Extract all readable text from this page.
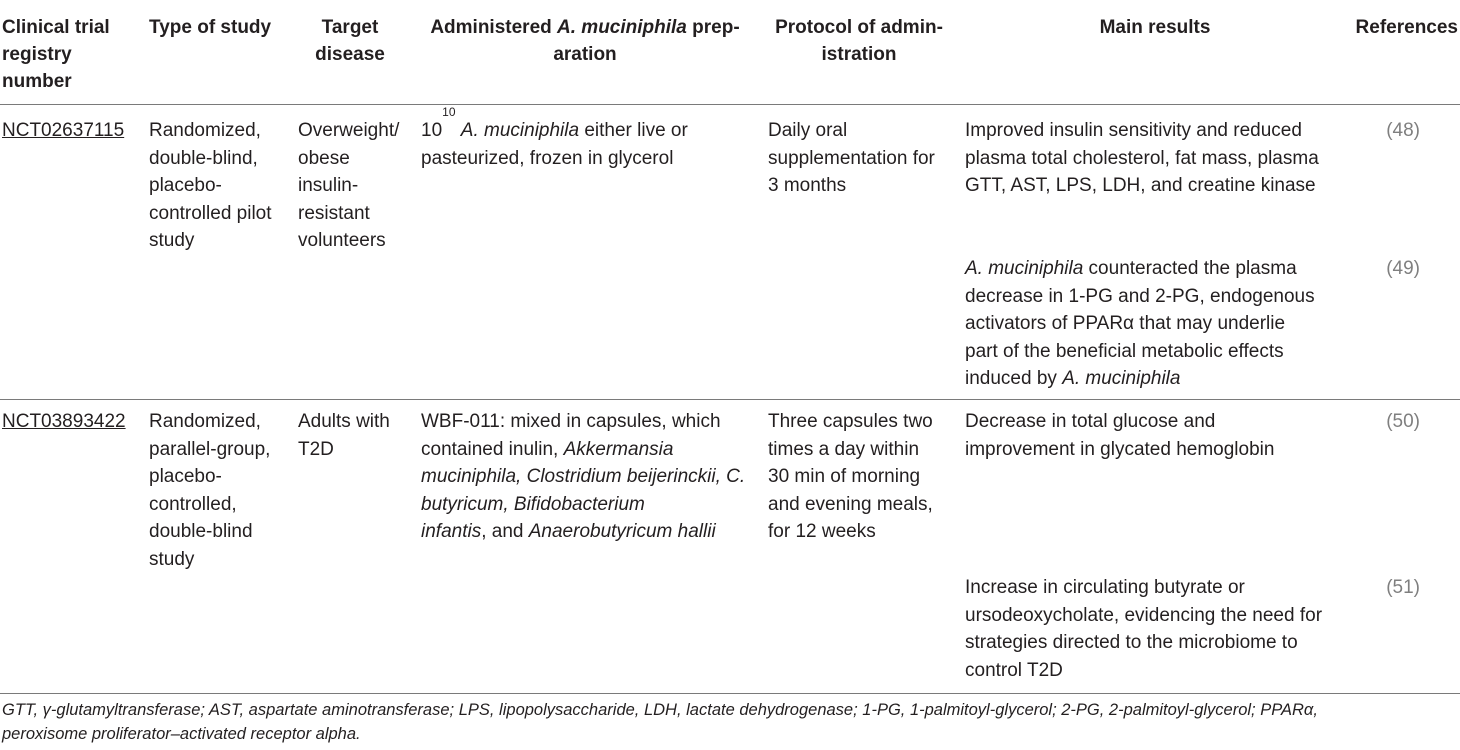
Clinical trial
registry
number
Type of study	Target
disease
Administered A. muciniphila prep-
aration
Protocol of admin-
istration
Main results	References
NCT02637115 Randomized,
double-blind,
placebo-
controlled pilot
study
Overweight/
obese
insulin-
resistant
volunteers
$10^{10}$ A. muciniphila either live or
pasteurized, frozen in glycerol
Daily oral
supplementation for
3 months
Improved insulin sensitivity and reduced
plasma total cholesterol, fat mass, plasma
GTT, AST, LPS, LDH, and creatine kinase
(48)
A. muciniphila counteracted the plasma
decrease in 1-PG and 2-PG, endogenous
activators of PPARα that may underlie
part of the beneficial metabolic effects
induced by A. muciniphila
(49)
NCT03893422 Randomized,
parallel-group,
placebo-
controlled,
double-blind
study
Adults with
T2D
WBF-011: mixed in capsules, which
contained inulin, Akkermansia
muciniphila, Clostridium beijerinckii, C.
butyricum, Bifidobacterium
infantis, and Anaerobutyricum hallii
Three capsules two
times a day within
30 min of morning
and evening meals,
for 12 weeks
Decrease in total glucose and
improvement in glycated hemoglobin
(50)
Increase in circulating butyrate or
ursodeoxycholate, evidencing the need for
strategies directed to the microbiome to
control T2D
(51)
GTT, γ-glutamyltransferase; AST, aspartate aminotransferase; LPS, lipopolysaccharide, LDH, lactate dehydrogenase; 1-PG, 1-palmitoyl-glycerol; 2-PG, 2-palmitoyl-glycerol; PPARα,
peroxisome proliferator–activated receptor alpha.
